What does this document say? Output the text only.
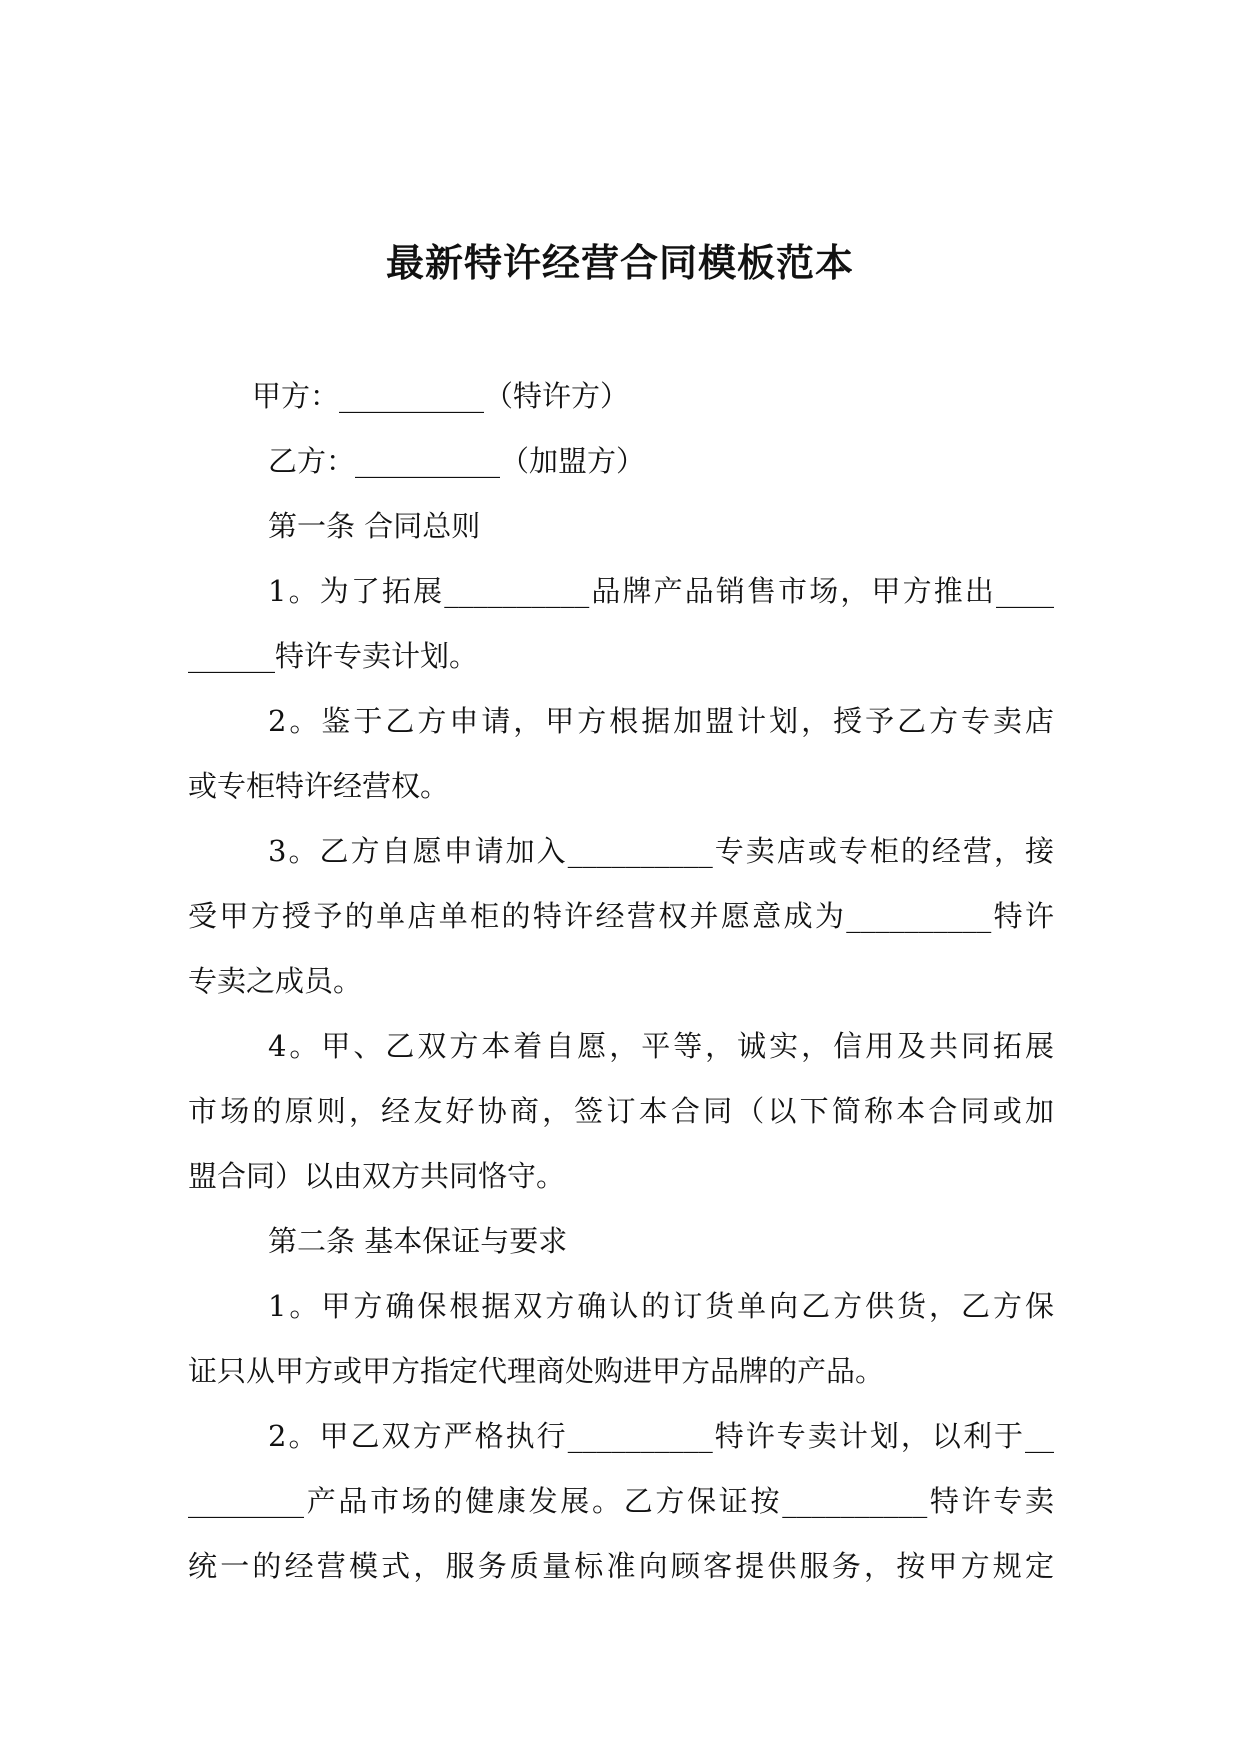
最新特许经营合同模板范本
甲方：__________（特许方）
乙方：__________（加盟方）
第一条 合同总则
1。为了拓展__________品牌产品销售市场，甲方推出____
______特许专卖计划。
2。鉴于乙方申请，甲方根据加盟计划，授予乙方专卖店
或专柜特许经营权。
3。乙方自愿申请加入__________专卖店或专柜的经营，接
受甲方授予的单店单柜的特许经营权并愿意成为__________特许
专卖之成员。
4。甲、乙双方本着自愿，平等，诚实，信用及共同拓展
市场的原则，经友好协商，签订本合同（以下简称本合同或加
盟合同）以由双方共同恪守。
第二条 基本保证与要求
1。甲方确保根据双方确认的订货单向乙方供货，乙方保
证只从甲方或甲方指定代理商处购进甲方品牌的产品。
2。甲乙双方严格执行__________特许专卖计划，以利于__
________产品市场的健康发展。乙方保证按__________特许专卖
统一的经营模式，服务质量标准向顾客提供服务，按甲方规定
